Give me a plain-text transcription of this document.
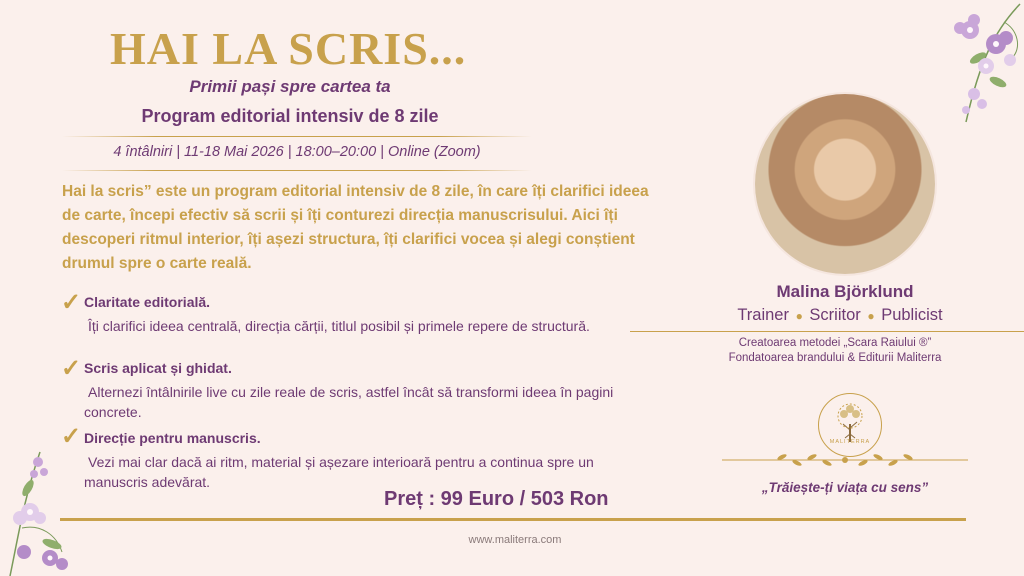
HAI LA SCRIS...
Primii pași spre cartea ta
Program editorial intensiv de 8 zile
4 întâlniri | 11-18 Mai 2026 | 18:00–20:00 | Online (Zoom)
Hai la scris” este un program editorial intensiv de 8 zile, în care îți clarifici ideea de carte, începi efectiv să scrii și îți conturezi direcția manuscrisului. Aici îți descoperi ritmul interior, îți așezi structura, îți clarifici vocea și alegi conștient drumul spre o carte reală.
✓ Claritate editorială.
Îți clarifici ideea centrală, direcția cărții, titlul posibil și primele repere de structură.
✓ Scris aplicat și ghidat.
Alternezi întâlnirile live cu zile reale de scris, astfel încât să transformi ideea în pagini concrete.
✓ Direcție pentru manuscris.
Vezi mai clar dacă ai ritm, material și așezare interioară pentru a continua spre un manuscris adevărat.
Preț : 99 Euro / 503 Ron
www.maliterra.com
Malina Björklund
Trainer ● Scriitor ● Publicist
Creatoarea metodei „Scara Raiului ®”
Fondatoarea brandului & Editurii Maliterra
MALITERRA
„Trăiește-ți viața cu sens”
